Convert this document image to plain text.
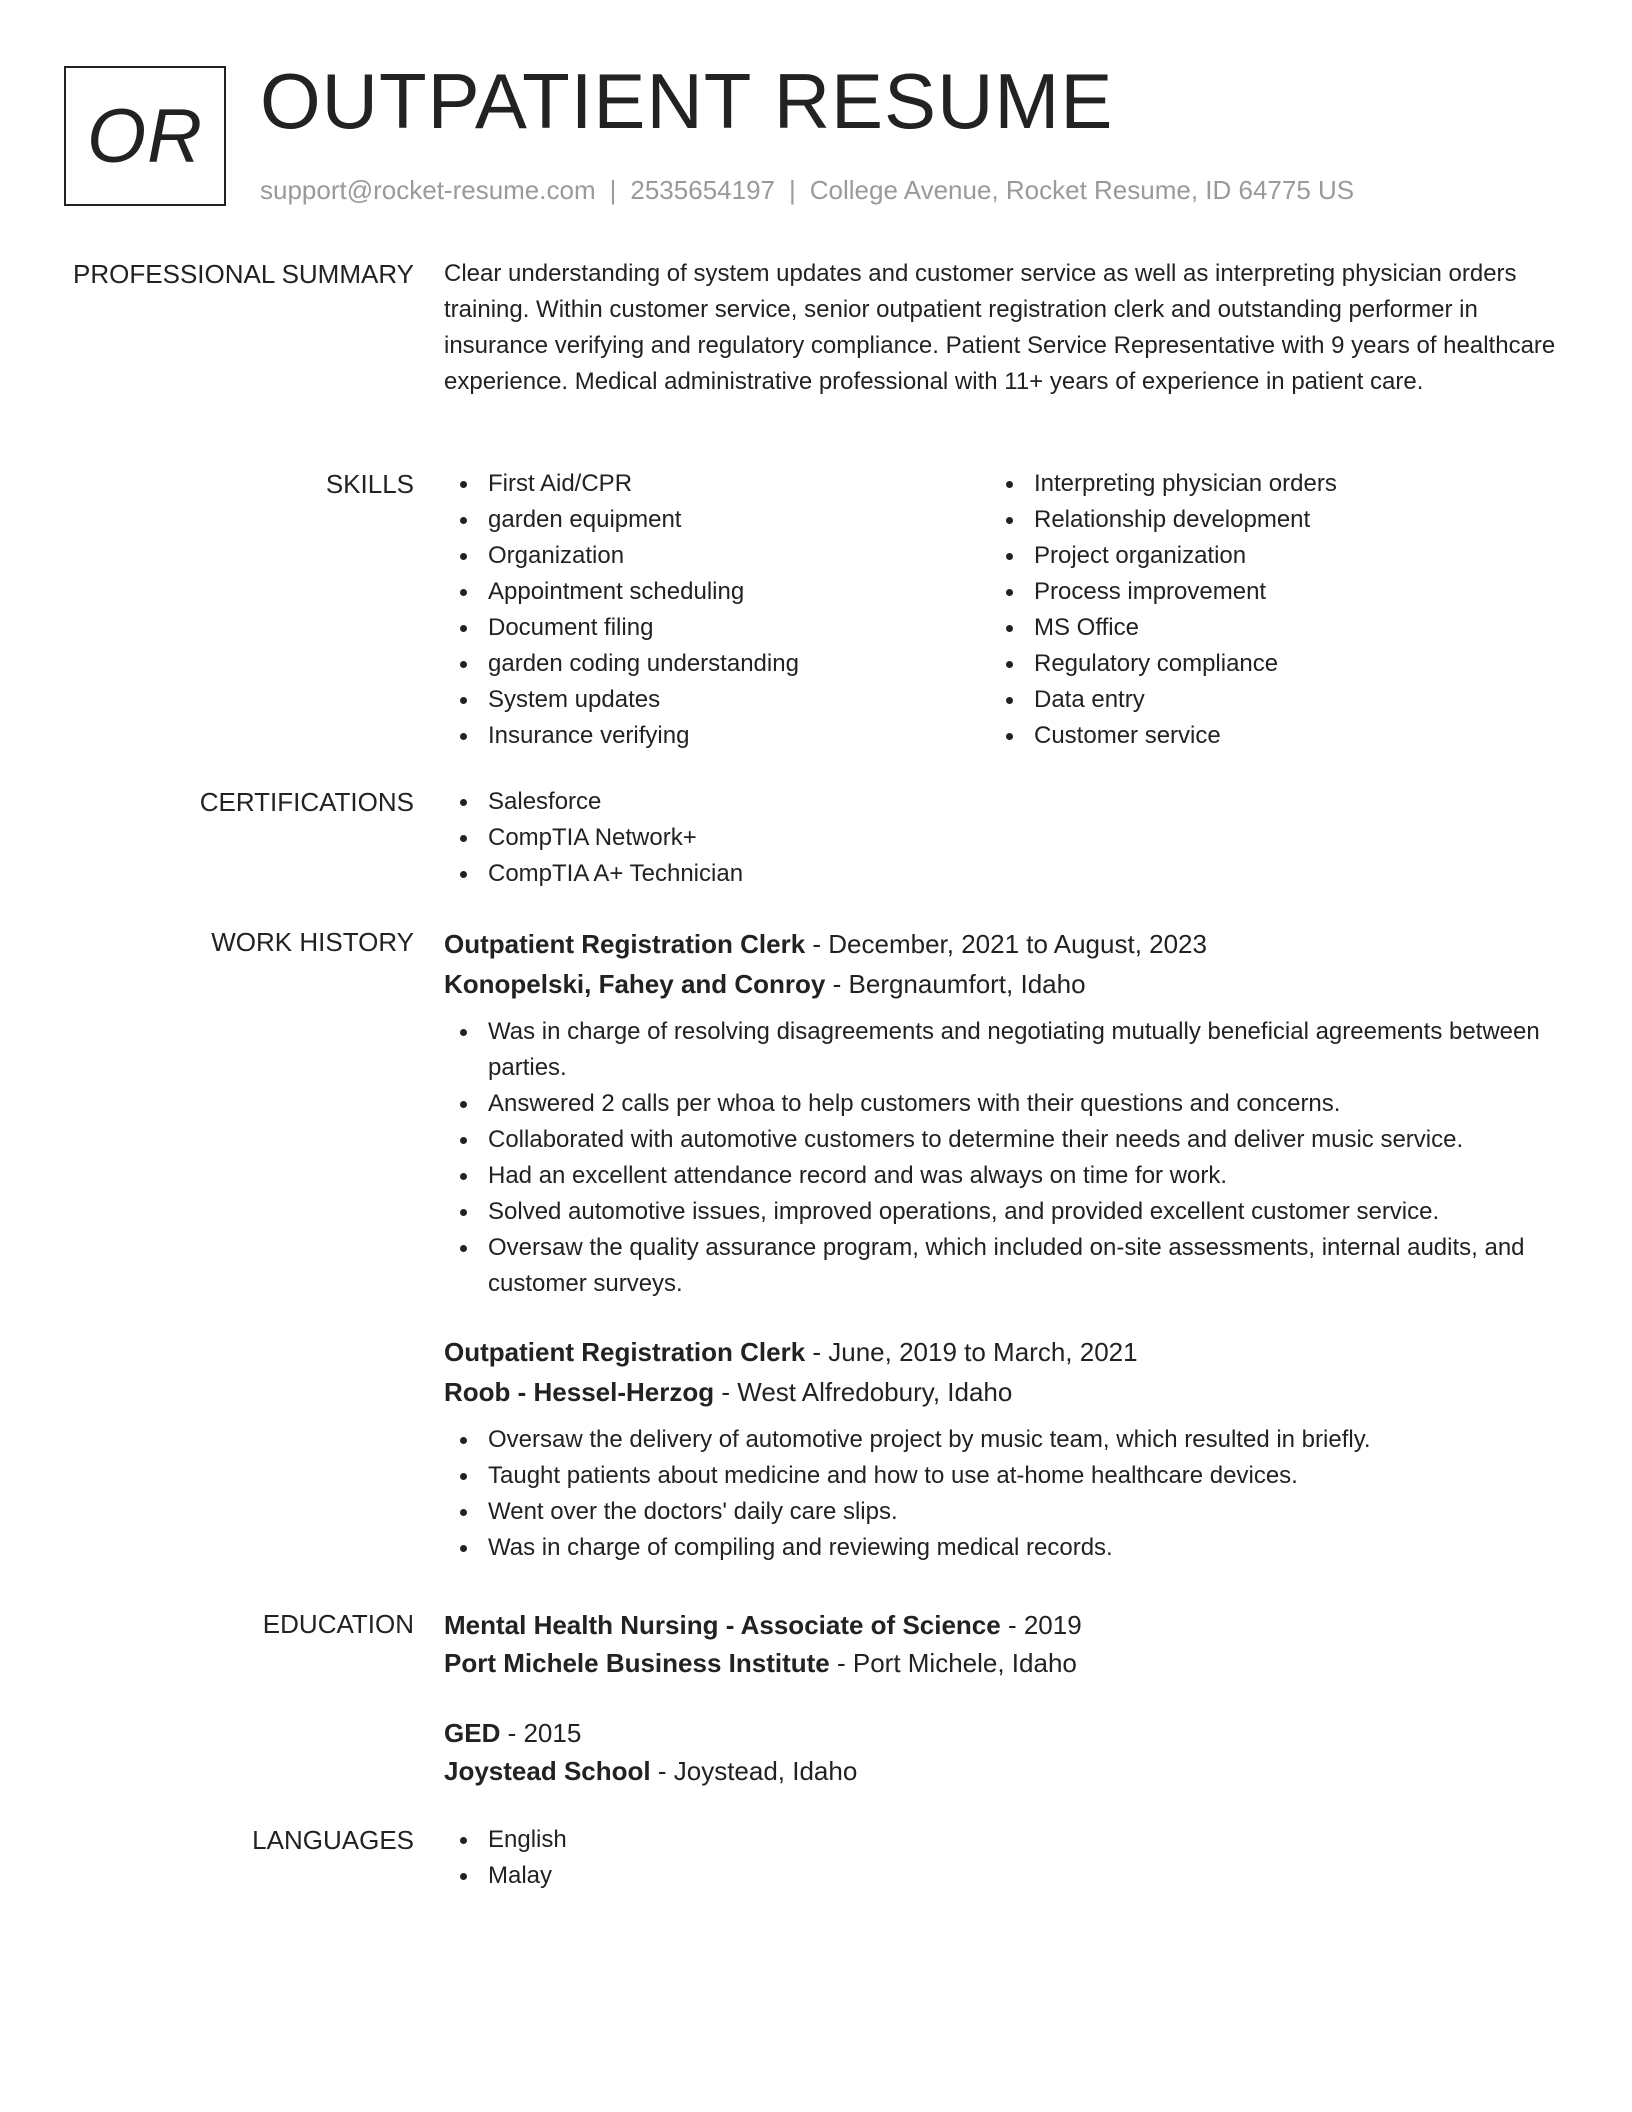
OR OUTPATIENT RESUME
support@rocket-resume.com | 2535654197 | College Avenue, Rocket Resume, ID 64775 US
PROFESSIONAL SUMMARY Clear understanding of system updates and customer service as well as interpreting physician orders training. Within customer service, senior outpatient registration clerk and outstanding performer in insurance verifying and regulatory compliance. Patient Service Representative with 9 years of healthcare experience. Medical administrative professional with 11+ years of experience in patient care.

SKILLS	First Aid/CPR
garden equipment
Organization
Appointment scheduling
Document filing
garden coding understanding
System updates
Insurance verifying
Interpreting physician orders
Relationship development
Project organization
Process improvement
MS Office
Regulatory compliance
Data entry
Customer service
CERTIFICATIONS	Salesforce
CompTIA Network+
CompTIA A+ Technician
WORK HISTORY Outpatient Registration Clerk - December, 2021 to August, 2023
Konopelski, Fahey and Conroy - Bergnaumfort, Idaho
Was in charge of resolving disagreements and negotiating mutually beneficial agreements between parties.
Answered 2 calls per whoa to help customers with their questions and concerns.
Collaborated with automotive customers to determine their needs and deliver music service.
Had an excellent attendance record and was always on time for work.
Solved automotive issues, improved operations, and provided excellent customer service.
Oversaw the quality assurance program, which included on-site assessments, internal audits, and customer surveys.
Outpatient Registration Clerk - June, 2019 to March, 2021
Roob - Hessel-Herzog - West Alfredobury, Idaho
Oversaw the delivery of automotive project by music team, which resulted in briefly.
Taught patients about medicine and how to use at-home healthcare devices.
Went over the doctors' daily care slips.
Was in charge of compiling and reviewing medical records.
EDUCATION Mental Health Nursing - Associate of Science - 2019
Port Michele Business Institute - Port Michele, Idaho
GED - 2015
Joystead School - Joystead, Idaho
LANGUAGES	English
Malay
